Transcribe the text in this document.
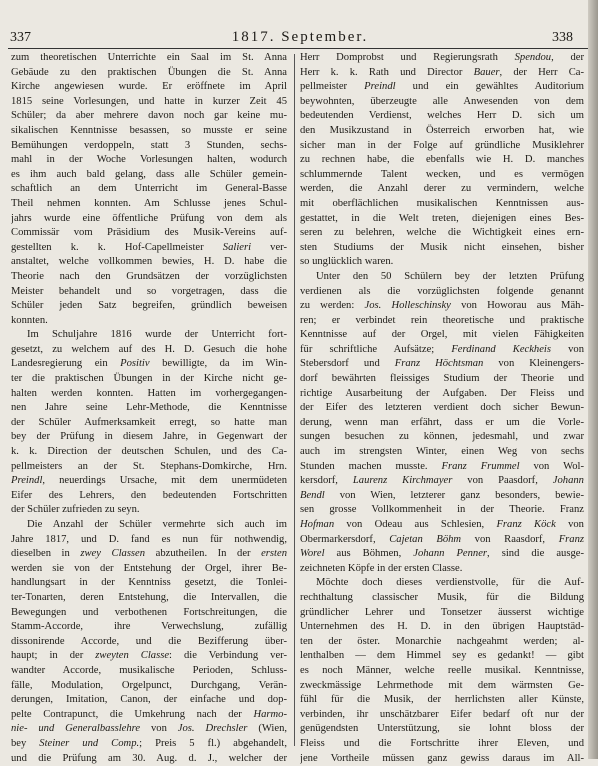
337	1817. September.	338
zum theoretischen Unterrichte ein Saal im St. Anna
Gebäude zu den praktischen Übungen die St. Anna
Kirche angewiesen wurde. Er eröffnete im April
1815 seine Vorlesungen, und hatte in kurzer Zeit 45
Schüler; da aber mehrere davon noch gar keine mu-
sikalischen Kenntnisse besassen, so musste er seine
Bemühungen verdoppeln, statt 3 Stunden, sechs-
mahl in der Woche Vorlesungen halten, wodurch
es ihm auch bald gelang, dass alle Schüler gemein-
schaftlich an dem Unterricht im General-Basse
Theil nehmen konnten. Am Schlusse jenes Schul-
jahrs wurde eine öffentliche Prüfung von dem als
Commissär vom Präsidium des Musik-Vereins auf-
gestellten k. k. Hof-Capellmeister Salieri ver-
anstaltet, welche vollkommen bewies, H. D. habe die
Theorie nach den Grundsätzen der vorzüglichsten
Meister behandelt und so vorgetragen, dass die
Schüler jeden Satz begreifen, gründlich beweisen
konnten.
Im Schuljahre 1816 wurde der Unterricht fort-
gesetzt, zu welchem auf des H. D. Gesuch die hohe
Landesregierung ein Positiv bewilligte, da im Win-
ter die praktischen Übungen in der Kirche nicht ge-
halten werden konnten. Hatten im vorhergegangen-
nen Jahre seine Lehr-Methode, die Kenntnisse
der Schüler Aufmerksamkeit erregt, so hatte man
bey der Prüfung in diesem Jahre, in Gegenwart der
k. k. Direction der deutschen Schulen, und des Ca-
pellmeisters an der St. Stephans-Domkirche, Hrn.
Preindl, neuerdings Ursache, mit dem unermüdeten
Eifer des Lehrers, den bedeutenden Fortschritten
der Schüler zufrieden zu seyn.
Die Anzahl der Schüler vermehrte sich auch im
Jahre 1817, und D. fand es nun für nothwendig,
dieselben in zwey Classen abzutheilen. In der ersten
werden sie von der Entstehung der Orgel, ihrer Be-
handlungsart in der Kenntniss gesetzt, die Tonlei-
ter-Tonarten, deren Entstehung, die Intervallen, die
Bewegungen und verbothenen Fortschreitungen, die
Stamm-Accorde, ihre Verwechslung, zufällig
dissonirende Accorde, und die Bezifferung über-
haupt; in der zweyten Classe: die Verbindung ver-
wandter Accorde, musikalische Perioden, Schluss-
fälle, Modulation, Orgelpunct, Durchgang, Verän-
derungen, Imitation, Canon, der einfache und dop-
pelte Contrapunct, die Umkehrung nach der Harmo-
nie- und Generalbasslehre von Jos. Drechsler (Wien,
bey Steiner und Comp.; Preis 5 fl.) abgehandelt,
und die Prüfung am 30. Aug. d. J., welcher der
Herr Domprobst und Regierungsrath Spendou, der
Herr k. k. Rath und Director Bauer, der Herr Ca-
pellmeister Preindl und ein gewähltes Auditorium
beywohnten, überzeugte alle Anwesenden von dem
bedeutenden Verdienst, welches Herr D. sich um
den Musikzustand in Österreich erworben hat, wie
sicher man in der Folge auf gründliche Musiklehrer
zu rechnen habe, die ebenfalls wie H. D. manches
schlummernde Talent wecken, und es vermögen
werden, die Anzahl derer zu vermindern, welche
mit oberflächlichen musikalischen Kenntnissen aus-
gestattet, in die Welt treten, diejenigen eines Bes-
seren zu belehren, welche die Wichtigkeit eines ern-
sten Studiums der Musik nicht einsehen, bisher
so unglücklich waren.
Unter den 50 Schülern bey der letzten Prüfung
verdienen als die vorzüglichsten folgende genannt
zu werden: Jos. Holleschinsky von Howorau aus Mäh-
ren; er verbindet rein theoretische und praktische
Kenntnisse auf der Orgel, mit vielen Fähigkeiten
für schriftliche Aufsätze; Ferdinand Keckheis von
Stebersdorf und Franz Höchtsman von Kleinengers-
dorf bewährten fleissiges Studium der Theorie und
richtige Ausarbeitung der Aufgaben. Der Fleiss und
der Eifer des letzteren verdient doch sicher Bewun-
derung, wenn man erfährt, dass er um die Vorle-
sungen besuchen zu können, jedesmahl, und zwar
auch im strengsten Winter, einen Weg von sechs
Stunden machen musste. Franz Frummel von Wol-
kersdorf, Laurenz Kirchmayer von Paasdorf, Johann
Bendl von Wien, letzterer ganz besonders, bewie-
sen grosse Vollkommenheit in der Theorie. Franz
Hofman von Odeau aus Schlesien, Franz Köck von
Obermarkersdorf, Cajetan Böhm von Raasdorf, Franz
Worel aus Böhmen, Johann Penner, sind die ausge-
zeichneten Köpfe in der ersten Classe.
Möchte doch dieses verdienstvolle, für die Auf-
rechthaltung classischer Musik, für die Bildung
gründlicher Lehrer und Tonsetzer äusserst wichtige
Unternehmen des H. D. in den übrigen Hauptstäd-
ten der öster. Monarchie nachgeahmt werden; al-
lenthalben — dem Himmel sey es gedankt! — gibt
es noch Männer, welche reelle musikal. Kenntnisse,
zweckmässige Lehrmethode mit dem wärmsten Ge-
fühl für die Musik, der herrlichsten aller Künste,
verbinden, ihr unschätzbarer Eifer bedarf oft nur der
genügendsten Unterstützung, sie lohnt bloss der
Fleiss und die Fortschritte ihrer Eleven, und
jene Vortheile müssen ganz gewiss daraus im All-
